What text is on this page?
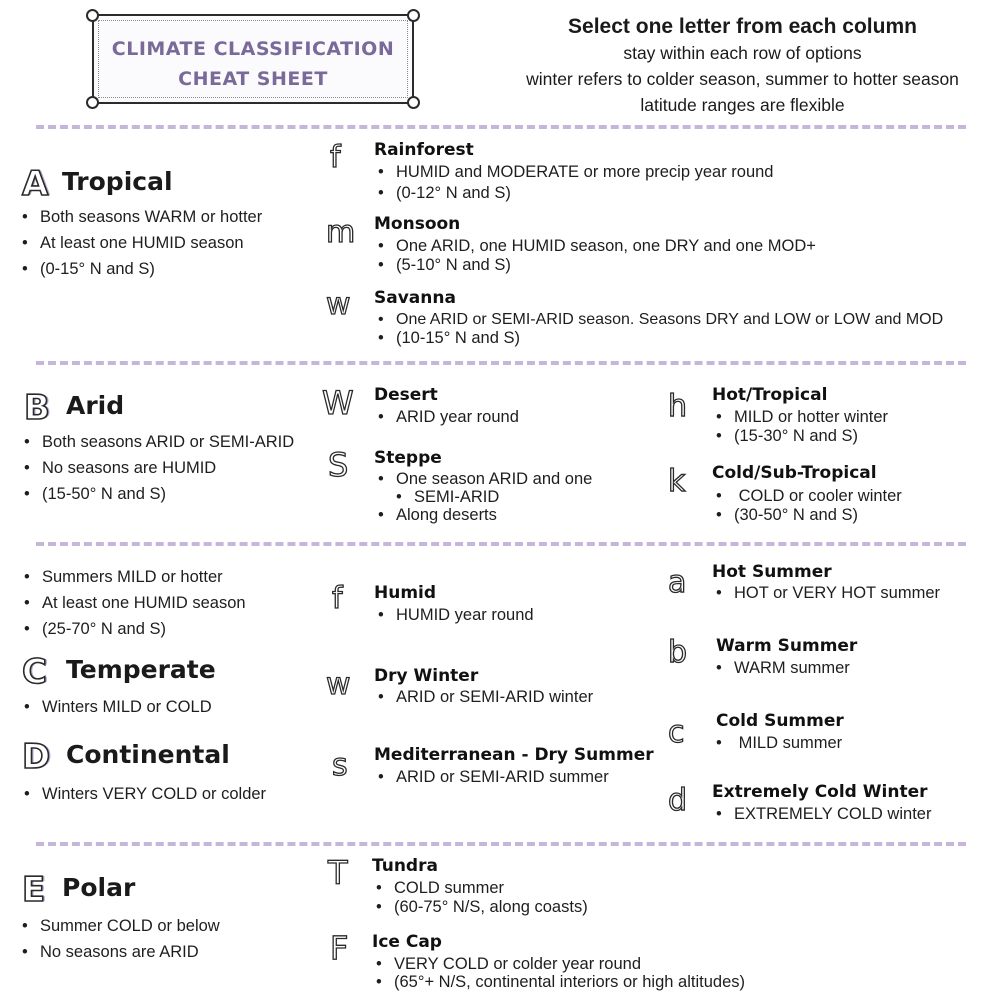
CLIMATE CLASSIFICATION
CHEAT SHEET
Select one letter from each column
stay within each row of options
winter refers to colder season, summer to hotter season
latitude ranges are flexible
A Tropical
• Both seasons WARM or hotter
• At least one HUMID season
• (0-15° N and S)
f Rainforest
• HUMID and MODERATE or more precip year round
• (0-12° N and S)
m Monsoon
• One ARID, one HUMID season, one DRY and one MOD+
• (5-10° N and S)
w Savanna
• One ARID or SEMI-ARID season. Seasons DRY and LOW or LOW and MOD
• (10-15° N and S)
B Arid
• Both seasons ARID or SEMI-ARID
• No seasons are HUMID
• (15-50° N and S)
W Desert
• ARID year round
S Steppe
• One season ARID and one
• SEMI-ARID
• Along deserts
h Hot/Tropical
• MILD or hotter winter
• (15-30° N and S)
k Cold/Sub-Tropical
• COLD or cooler winter
• (30-50° N and S)
• Summers MILD or hotter
• At least one HUMID season
• (25-70° N and S)
C Temperate
• Winters MILD or COLD
D Continental
• Winters VERY COLD or colder
f Humid
• HUMID year round
w Dry Winter
• ARID or SEMI-ARID winter
s Mediterranean - Dry Summer
• ARID or SEMI-ARID summer
a Hot Summer
• HOT or VERY HOT summer
b Warm Summer
• WARM summer
c Cold Summer
• MILD summer
d Extremely Cold Winter
• EXTREMELY COLD winter
E Polar
• Summer COLD or below
• No seasons are ARID
T Tundra
• COLD summer
• (60-75° N/S, along coasts)
F Ice Cap
• VERY COLD or colder year round
• (65°+ N/S, continental interiors or high altitudes)
